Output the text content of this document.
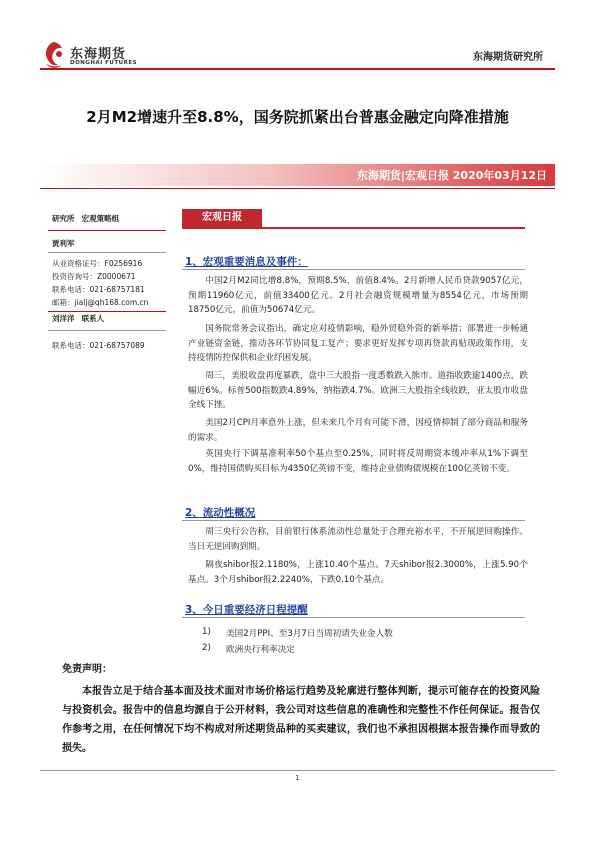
东海期货
DONGHAI FUTURES	东海期货研究所
2月M2增速升至8.8%，国务院抓紧出台普惠金融定向降准措施
东海期货|宏观日报 2020年03月12日
研究所 宏观策略组
贾利军
从业资格证号：F0256916
投资咨询号：Z0000671
联系电话：021-68757181
邮箱：jialj@qh168.com.cn
刘洋洋 联系人
联系电话：021-68757089
宏观日报
1、宏观重要消息及事件：
中国2月M2同比增8.8%，预期8.5%，前值8.4%。2月新增人民币贷款9057亿元，预期11960亿元，前值33400亿元。2月社会融资规模增量为8554亿元，市场预期18750亿元，前值为50674亿元。
国务院常务会议指出，确定应对疫情影响，稳外贸稳外资的新举措；部署进一步畅通产业链资金链，推动各环节协同复工复产；要求更好发挥专项再贷款再贴现政策作用，支持疫情防控保供和企业纾困发展。
周三，美股收盘再度暴跌，盘中三大股指一度悉数跌入熊市。道指收跌逾1400点，跌幅近6%。标普500指数跌4.89%，纳指跌4.7%。欧洲三大股指全线收跌，亚太股市收盘全线下挫。
美国2月CPI月率意外上涨，但未来几个月有可能下滑，因疫情抑制了部分商品和服务的需求。
英国央行下调基准利率50个基点至0.25%，同时将反周期资本缓冲率从1%下调至0%，维持国债购买目标为4350亿英镑不变，维持企业债购债规模在100亿英镑不变。
2、流动性概况
周三央行公告称，目前银行体系流动性总量处于合理充裕水平，不开展逆回购操作。当日无逆回购到期。
隔夜shibor报2.1180%，上涨10.40个基点。7天shibor报2.3000%，上涨5.90个基点。3个月shibor报2.2240%，下跌0.10个基点。
3、今日重要经济日程提醒
1) 美国2月PPI、至3月7日当周初请失业金人数
2) 欧洲央行利率决定
免责声明：
本报告立足于结合基本面及技术面对市场价格运行趋势及轮廓进行整体判断，提示可能存在的投资风险与投资机会。报告中的信息均源自于公开材料，我公司对这些信息的准确性和完整性不作任何保证。报告仅作参考之用，在任何情况下均不构成对所述期货品种的买卖建议，我们也不承担因根据本报告操作而导致的损失。
1
